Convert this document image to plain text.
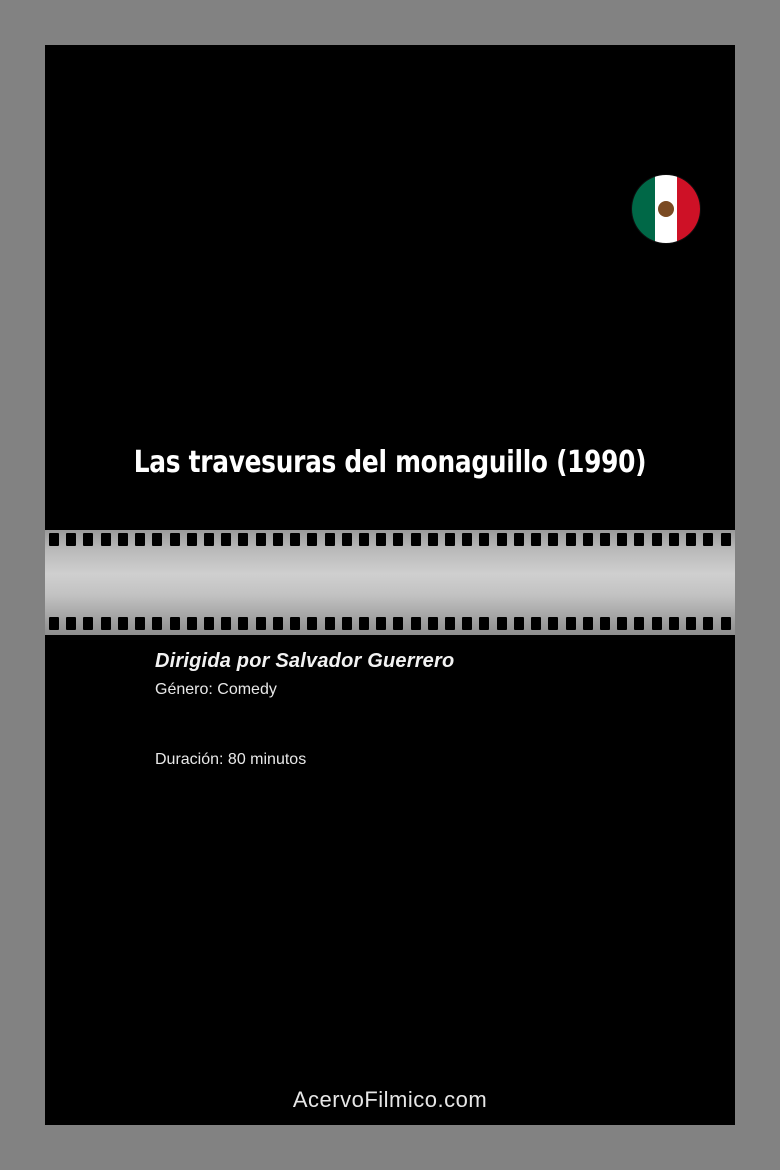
Las travesuras del monaguillo (1990)

Dirigida por Salvador Guerrero

Género: Comedy

Duración: 80 minutos

AcervoFilmico.com
